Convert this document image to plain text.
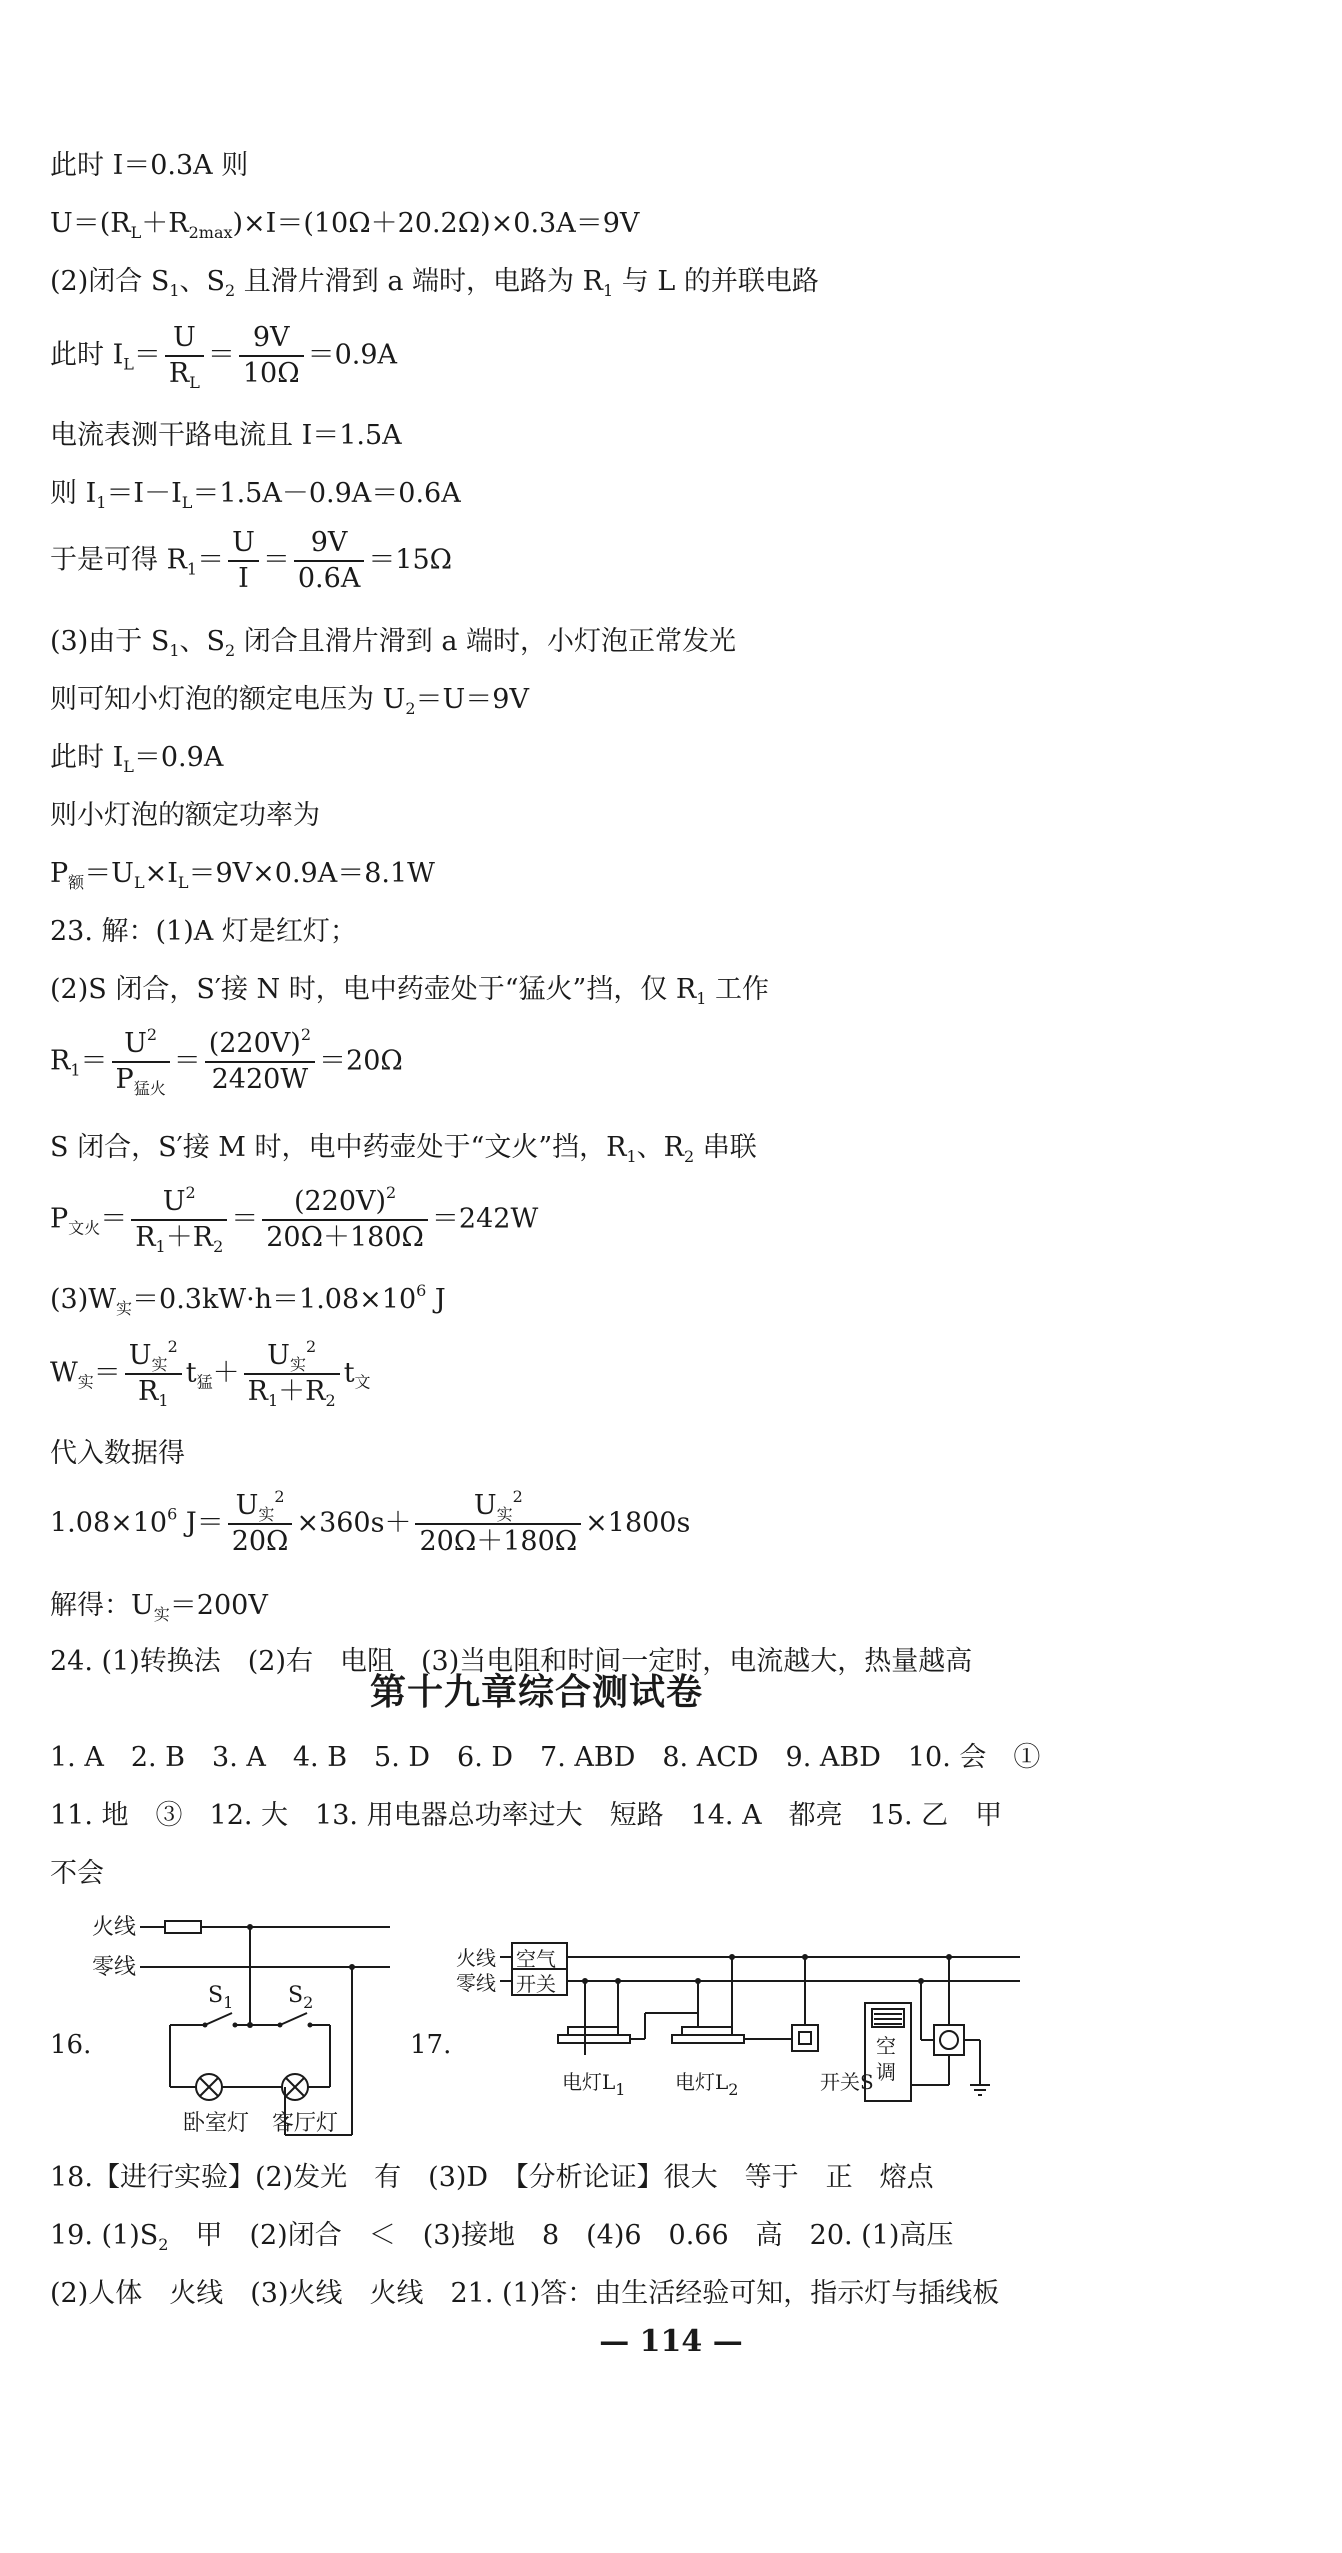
此时 I＝0.3A 则
$U=(R_L+R_{2max})\times I=(10\Omega+20.2\Omega)\times 0.3A=9V$
(2)闭合 $S_1$、$S_2$ 且滑片滑到 a 端时，电路为 $R_1$ 与 L 的并联电路
此时 $I_L= \frac{U}{R_L} = \frac{9V}{10\Omega} =0.9A$
电流表测干路电流且 I＝1.5A
则 $I_1=I-I_L=1.5A-0.9A=0.6A$
于是可得 $R_1= \frac{U}{I} = \frac{9V}{0.6A} =15\Omega$
(3)由于 $S_1$、$S_2$ 闭合且滑片滑到 a 端时，小灯泡正常发光
则可知小灯泡的额定电压为 $U_2=U=9V$
此时 $I_L=0.9A$
则小灯泡的额定功率为
$P_额=U_L\times I_L=9V\times 0.9A=8.1W$
23. 解：(1)A 灯是红灯；
(2)S 闭合，S′接 N 时，电中药壶处于“猛火”挡，仅 $R_1$ 工作
$R_1= \frac{U^2}{P_{猛火}} = \frac{(220V)^2}{2420W} =20\Omega$
S 闭合，S′接 M 时，电中药壶处于“文火”挡，$R_1$、$R_2$ 串联
$P_{文火}= \frac{U^2}{R_1+R_2} = \frac{(220V)^2}{20\Omega+180\Omega} =242W$
$(3)W_实=0.3kW\cdot h=1.08\times 10^6$ J
$W_实= \frac{U_实^2}{R_1} t_猛+ \frac{U_实^2}{R_1+R_2} t_文$
代入数据得
$1.08\times 10^6$ $J= \frac{U_实^2}{20\Omega} \times 360s+ \frac{U_实^2}{20\Omega+180\Omega} \times 1800s$
解得：$U_实=200V$
24. (1)转换法　(2)右　电阻　(3)当电阻和时间一定时，电流越大，热量越高
第十九章综合测试卷
1. A　2. B　3. A　4. B　5. D　6. D　7. ABD　8. ACD　9. ABD　10. 会　①
11. 地　③　12. 大　13. 用电器总功率过大　短路　14. A　都亮　15. 乙　甲
不会
16.
火线
零线
$S_1$ $S_2$
卧室灯 客厅灯
17.
火线
零线
空气
开关
电灯$L_1$ 电灯$L_2$	开关S
空
调
18.【进行实验】(2)发光　有　(3)D　【分析论证】很大　等于　正　熔点
19. $(1)S_2$　甲　(2)闭合　＜　(3)接地　8　(4)6　0.66　高　20. (1)高压
(2)人体　火线　(3)火线　火线　21. (1)答：由生活经验可知，指示灯与插线板
— 114 —
